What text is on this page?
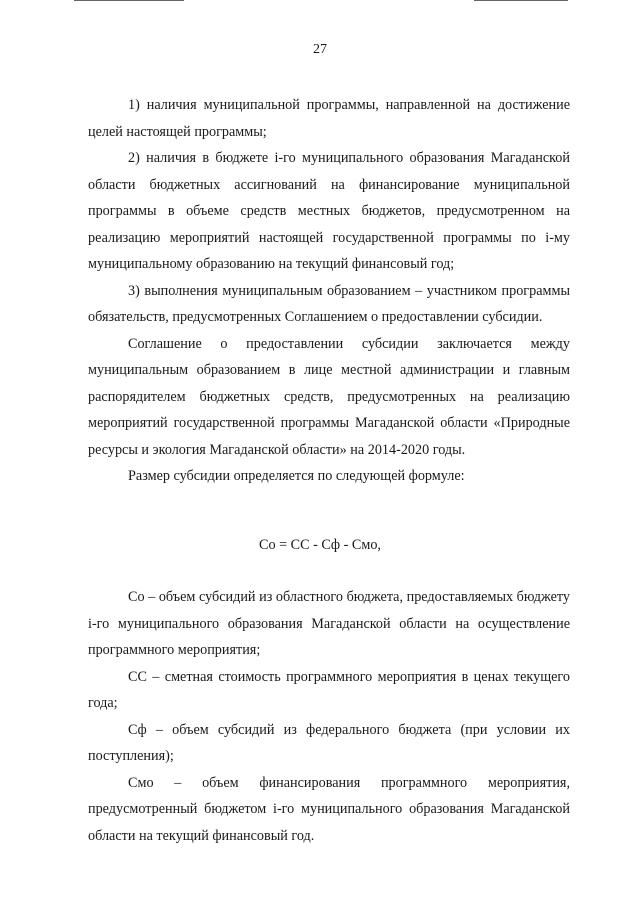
27

1) наличия муниципальной программы, направленной на достижение целей настоящей программы;

2) наличия в бюджете i-го муниципального образования Магаданской области бюджетных ассигнований на финансирование муниципальной программы в объеме средств местных бюджетов, предусмотренном на реализацию мероприятий настоящей государственной программы по i-му муниципальному образованию на текущий финансовый год;

3) выполнения муниципальным образованием – участником программы обязательств, предусмотренных Соглашением о предоставлении субсидии.

Соглашение о предоставлении субсидии заключается между муниципальным образованием в лице местной администрации и главным распорядителем бюджетных средств, предусмотренных на реализацию мероприятий государственной программы Магаданской области «Природные ресурсы и экология Магаданской области» на 2014-2020 годы.

Размер субсидии определяется по следующей формуле:

Со = СС - Сф - Смо,

Со – объем субсидий из областного бюджета, предоставляемых бюджету i-го муниципального образования Магаданской области на осуществление программного мероприятия;

СС – сметная стоимость программного мероприятия в ценах текущего года;

Сф – объем субсидий из федерального бюджета (при условии их поступления);

Смо – объем финансирования программного мероприятия, предусмотренный бюджетом i-го муниципального образования Магаданской области на текущий финансовый год.
